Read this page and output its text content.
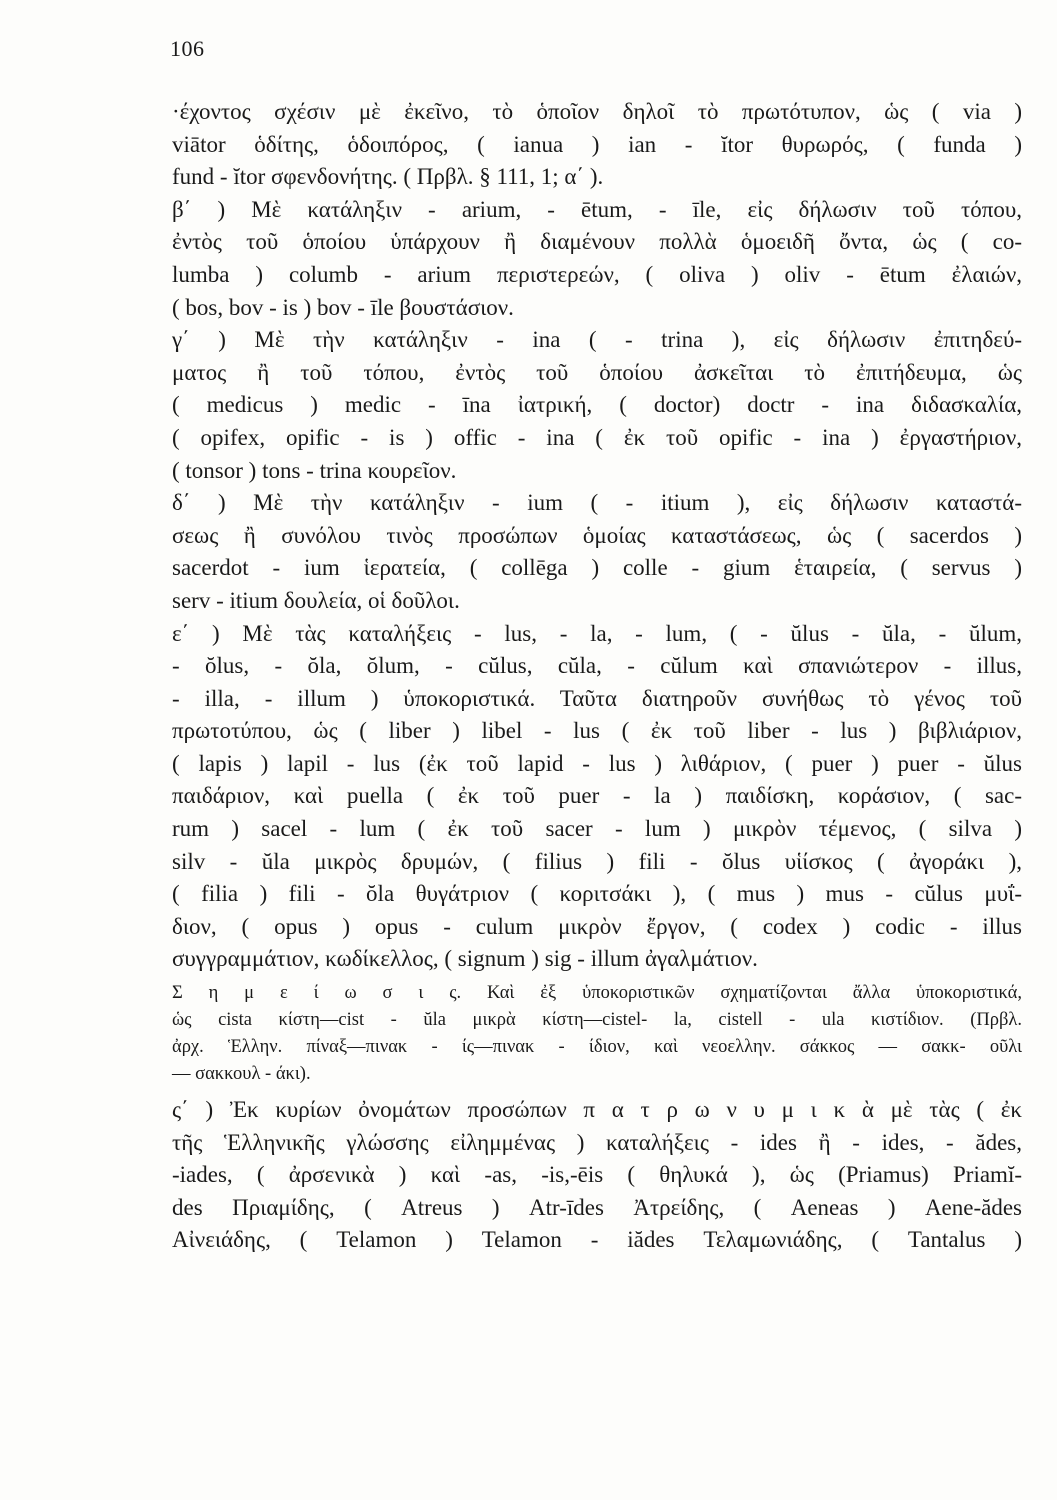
106
·έχοντος σχέσιν μὲ ἐκεῖνο, τὸ ὁποῖον δηλοῖ τὸ πρωτότυπον, ὡς ( via )
viātor ὁδίτης, ὁδοιπόρος, ( ianua ) ian - ĭtor θυρωρός, ( funda )
fund - ĭtor σφενδονήτης. ( Πρβλ. § 111, 1; α΄ ).
β΄ ) Μὲ κατάληξιν - arium, - ētum, - īle, εἰς δήλωσιν τοῦ τόπου,
ἐντὸς τοῦ ὁποίου ὑπάρχουν ἢ διαμένουν πολλὰ ὁμοειδῆ ὄντα, ὡς ( co-
lumba ) columb - arium περιστερεών, ( oliva ) oliv - ētum ἐλαιών,
( bos, bov - is ) bov - īle βουστάσιον.
γ΄ ) Μὲ τὴν κατάληξιν - ina ( - trina ), εἰς δήλωσιν ἐπιτηδεύ-
ματος ἢ τοῦ τόπου, ἐντὸς τοῦ ὁποίου ἀσκεῖται τὸ ἐπιτήδευμα, ὡς
( medicus ) medic - īna ἰατρική, ( doctor) doctr - ina διδασκαλία,
( opifex, opific - is ) offic - ina ( ἐκ τοῦ opific - ina ) ἐργαστήριον,
( tonsor ) tons - trina κουρεῖον.
δ΄ ) Μὲ τὴν κατάληξιν - ium ( - itium ), εἰς δήλωσιν καταστά-
σεως ἢ συνόλου τινὸς προσώπων ὁμοίας καταστάσεως, ὡς ( sacerdos )
sacerdot - ium ἱερατεία, ( collēga ) colle - gium ἑταιρεία, ( servus )
serv - itium δουλεία, οἱ δοῦλοι.
ε΄ ) Μὲ τὰς καταλήξεις - lus, - la, - lum, ( - ŭlus - ŭla, - ŭlum,
- ŏlus, - ŏla, ŏlum, - cŭlus, cŭla, - cŭlum καὶ σπανιώτερον - illus,
- illa, - illum ) ὑποκοριστικά. Ταῦτα διατηροῦν συνήθως τὸ γένος τοῦ
πρωτοτύπου, ὡς ( liber ) libel - lus ( ἐκ τοῦ liber - lus ) βιβλιάριον,
( lapis ) lapil - lus (ἐκ τοῦ lapid - lus ) λιθάριον, ( puer ) puer - ŭlus
παιδάριον, καὶ puella ( ἐκ τοῦ puer - la ) παιδίσκη, κοράσιον, ( sac-
rum ) sacel - lum ( ἐκ τοῦ sacer - lum ) μικρὸν τέμενος, ( silva )
silv - ŭla μικρὸς δρυμών, ( filius ) fili - ŏlus υἱίσκος ( ἀγοράκι ),
( filia ) fili - ŏla θυγάτριον ( κοριτσάκι ), ( mus ) mus - cŭlus μυΐ-
διον, ( opus ) opus - culum μικρὸν ἔργον, ( codex ) codic - illus
συγγραμμάτιον, κωδίκελλος, ( signum ) sig - illum ἀγαλμάτιον.
Σ η μ ε ί ω σ ι ς. Καὶ ἐξ ὑποκοριστικῶν σχηματίζονται ἄλλα ὑποκοριστικά,
ὡς cista κίστη—cist - ŭla μικρὰ κίστη—cistel- la, cistell - ula κιστίδιον. (Πρβλ.
ἀρχ. Ἑλλην. πίναξ—πινακ - ίς—πινακ - ίδιον, καὶ νεοελλην. σάκκος — σακκ- οῦλι
— σακκουλ - άκι).
ς΄ ) Ἐκ κυρίων ὀνομάτων προσώπων π α τ ρ ω ν υ μ ι κ ὰ μὲ τὰς ( ἐκ
τῆς Ἑλληνικῆς γλώσσης εἰλημμένας ) καταλήξεις - ides ἢ - ides, - ădes,
-iades, ( ἀρσενικὰ ) καὶ -as, -is,-ēis ( θηλυκά ), ὡς (Priamus) Priamĭ-
des Πριαμίδης, ( Atreus ) Atr-īdes Ἀτρείδης, ( Aeneas ) Aene-ădes
Αἰνειάδης, ( Telamon ) Telamon - iădes Τελαμωνιάδης, ( Tantalus )
